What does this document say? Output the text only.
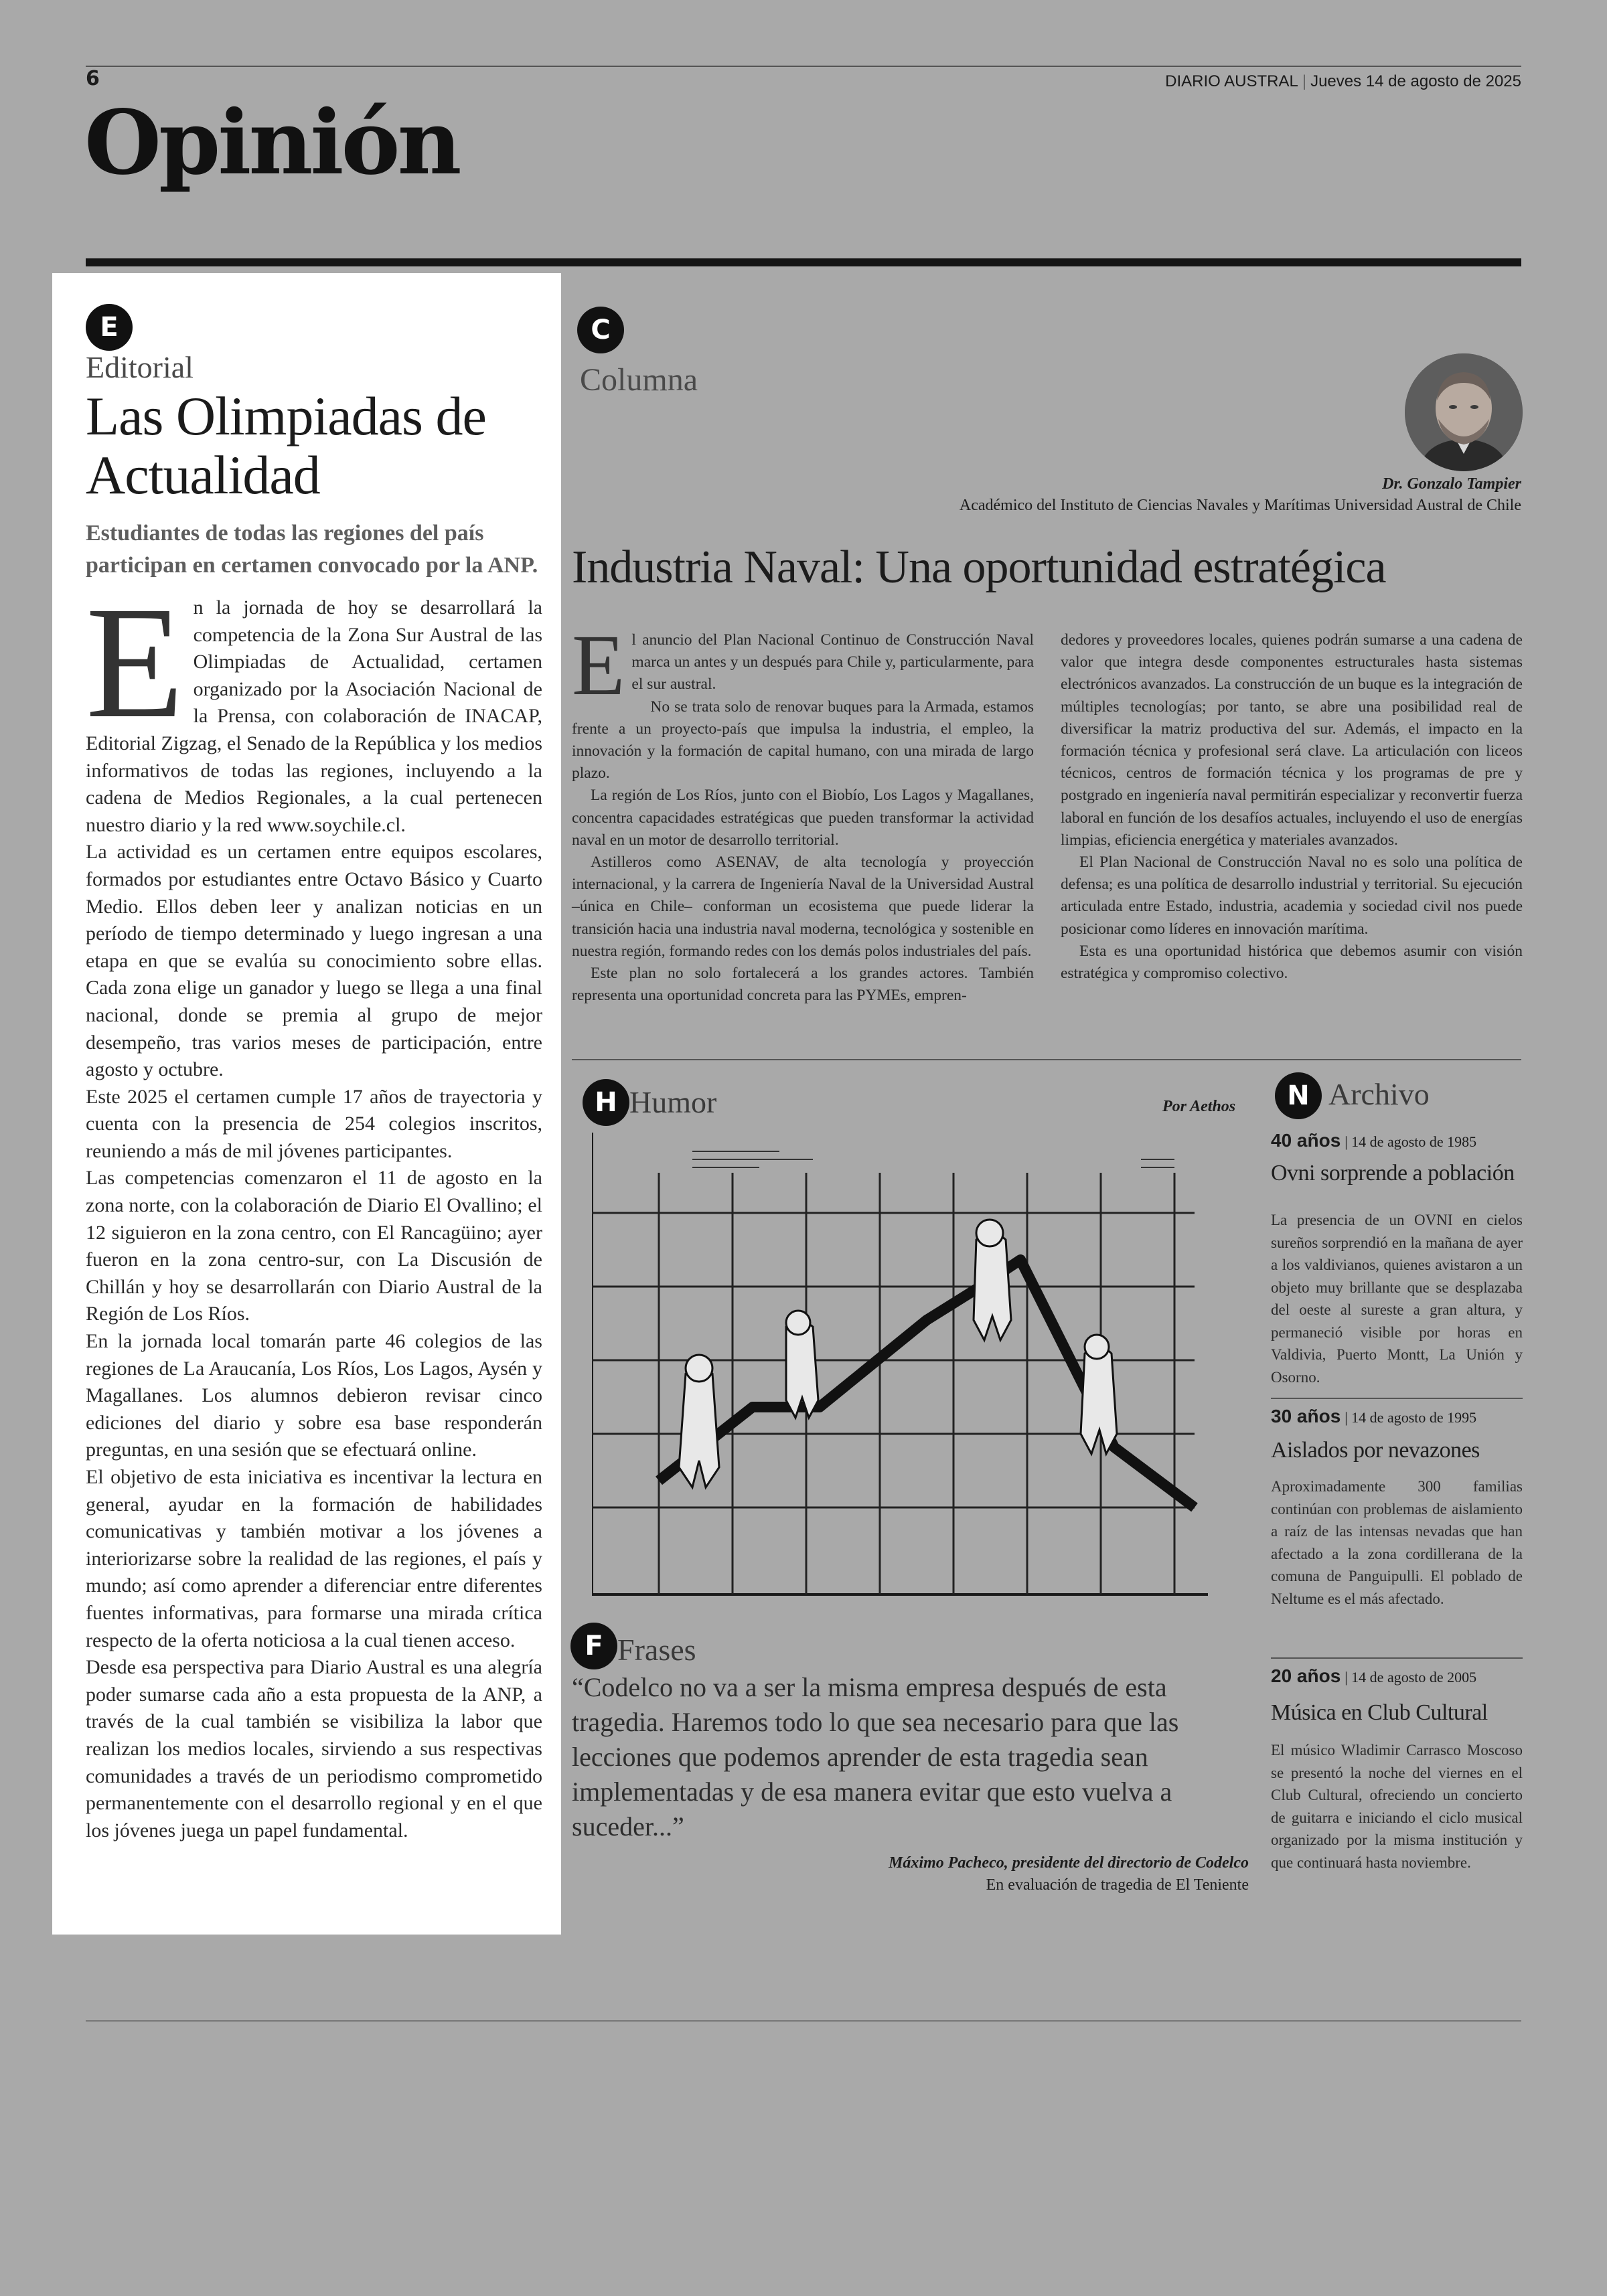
6	DIARIO AUSTRAL | Jueves 14 de agosto de 2025
Opinión
E
Editorial
Las Olimpiadas de Actualidad
Estudiantes de todas las regiones del país participan en certamen convocado por la ANP.
E n la jornada de hoy se desarrollará la competencia de la Zona Sur Austral de las Olimpiadas de Actualidad, certamen organizado por la Asociación Nacional de la Prensa, con colaboración de INACAP, Editorial Zigzag, el Senado de la República y los medios informativos de todas las regiones, incluyendo a la cadena de Medios Regionales, a la cual pertenecen nuestro diario y la red www.soychile.cl.

La actividad es un certamen entre equipos escolares, formados por estudiantes entre Octavo Básico y Cuarto Medio. Ellos deben leer y analizan noticias en un período de tiempo determinado y luego ingresan a una etapa en que se evalúa su conocimiento sobre ellas. Cada zona elige un ganador y luego se llega a una final nacional, donde se premia al grupo de mejor desempeño, tras varios meses de participación, entre agosto y octubre.

Este 2025 el certamen cumple 17 años de trayectoria y cuenta con la presencia de 254 colegios inscritos, reuniendo a más de mil jóvenes participantes.

Las competencias comenzaron el 11 de agosto en la zona norte, con la colaboración de Diario El Ovallino; el 12 siguieron en la zona centro, con El Rancagüino; ayer fueron en la zona centro-sur, con La Discusión de Chillán y hoy se desarrollarán con Diario Austral de la Región de Los Ríos.

En la jornada local tomarán parte 46 colegios de las regiones de La Araucanía, Los Ríos, Los Lagos, Aysén y Magallanes. Los alumnos debieron revisar cinco ediciones del diario y sobre esa base responderán preguntas, en una sesión que se efectuará online.

El objetivo de esta iniciativa es incentivar la lectura en general, ayudar en la formación de habilidades comunicativas y también motivar a los jóvenes a interiorizarse sobre la realidad de las regiones, el país y mundo; así como aprender a diferenciar entre diferentes fuentes informativas, para formarse una mirada crítica respecto de la oferta noticiosa a la cual tienen acceso.

Desde esa perspectiva para Diario Austral es una alegría poder sumarse cada año a esta propuesta de la ANP, a través de la cual también se visibiliza la labor que realizan los medios locales, sirviendo a sus respectivas comunidades a través de un periodismo comprometido permanentemente con el desarrollo regional y en el que los jóvenes juega un papel fundamental.

C
Columna
Dr. Gonzalo Tampier
Académico del Instituto de Ciencias Navales y Marítimas Universidad Austral de Chile
Industria Naval: Una oportunidad estratégica
E l anuncio del Plan Nacional Continuo de Construcción Naval marca un antes y un después para Chile y, particularmente, para el sur austral.

No se trata solo de renovar buques para la Armada, estamos frente a un proyecto-país que impulsa la industria, el empleo, la innovación y la formación de capital humano, con una mirada de largo plazo.

La región de Los Ríos, junto con el Biobío, Los Lagos y Magallanes, concentra capacidades estratégicas que pueden transformar la actividad naval en un motor de desarrollo territorial.

Astilleros como ASENAV, de alta tecnología y proyección internacional, y la carrera de Ingeniería Naval de la Universidad Austral –única en Chile– conforman un ecosistema que puede liderar la transición hacia una industria naval moderna, tecnológica y sostenible en nuestra región, formando redes con los demás polos industriales del país.

Este plan no solo fortalecerá a los grandes actores. También representa una oportunidad concreta para las PYMEs, empren-

dedores y proveedores locales, quienes podrán sumarse a una cadena de valor que integra desde componentes estructurales hasta sistemas electrónicos avanzados. La construcción de un buque es la integración de múltiples tecnologías; por tanto, se abre una posibilidad real de diversificar la matriz productiva del sur. Además, el impacto en la formación técnica y profesional será clave. La articulación con liceos técnicos, centros de formación técnica y los programas de pre y postgrado en ingeniería naval permitirán especializar y reconvertir fuerza laboral en función de los desafíos actuales, incluyendo el uso de energías limpias, eficiencia energética y materiales avanzados.

El Plan Nacional de Construcción Naval no es solo una política de defensa; es una política de desarrollo industrial y territorial. Su ejecución articulada entre Estado, industria, academia y sociedad civil nos puede posicionar como líderes en innovación marítima.

Esta es una oportunidad histórica que debemos asumir con visión estratégica y compromiso colectivo.

H Humor	Por Aethos
F Frases
“Codelco no va a ser la misma empresa después de esta tragedia. Haremos todo lo que sea necesario para que las lecciones que podemos aprender de esta tragedia sean implementadas y de esa manera evitar que esto vuelva a suceder...”
Máximo Pacheco, presidente del directorio de Codelco
En evaluación de tragedia de El Teniente
N Archivo
40 años | 14 de agosto de 1985
Ovni sorprende a población
La presencia de un OVNI en cielos sureños sorprendió en la mañana de ayer a los valdivianos, quienes avistaron a un objeto muy brillante que se desplazaba del oeste al sureste a gran altura, y permaneció visible por horas en Valdivia, Puerto Montt, La Unión y Osorno.
30 años | 14 de agosto de 1995
Aislados por nevazones
Aproximadamente 300 familias continúan con problemas de aislamiento a raíz de las intensas nevadas que han afectado a la zona cordillerana de la comuna de Panguipulli. El poblado de Neltume es el más afectado.
20 años | 14 de agosto de 2005
Música en Club Cultural
El músico Wladimir Carrasco Moscoso se presentó la noche del viernes en el Club Cultural, ofreciendo un concierto de guitarra e iniciando el ciclo musical organizado por la misma institución y que continuará hasta noviembre.
